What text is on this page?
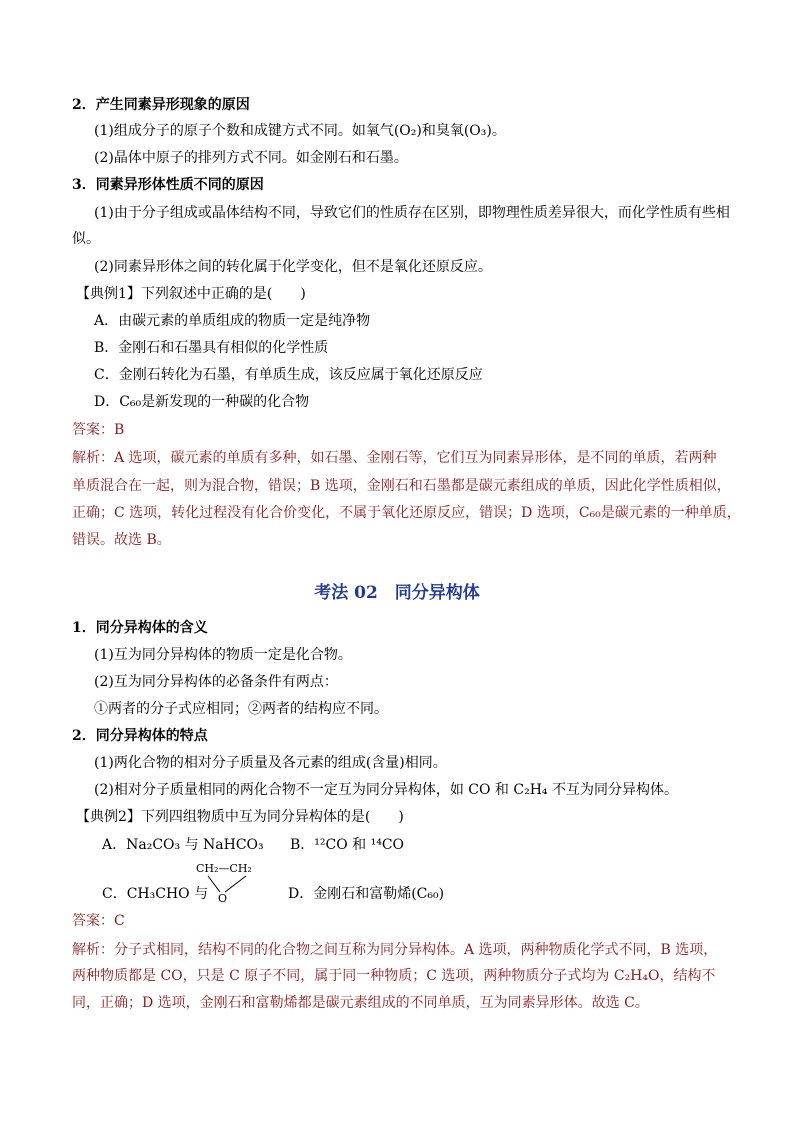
2．产生同素异形现象的原因
(1)组成分子的原子个数和成键方式不同。如氧气(O₂)和臭氧(O₃)。
(2)晶体中原子的排列方式不同。如金刚石和石墨。
3．同素异形体性质不同的原因
(1)由于分子组成或晶体结构不同，导致它们的性质存在区别，即物理性质差异很大，而化学性质有些相
似。
(2)同素异形体之间的转化属于化学变化，但不是氧化还原反应。
【典例1】下列叙述中正确的是(　　)
A．由碳元素的单质组成的物质一定是纯净物
B．金刚石和石墨具有相似的化学性质
C．金刚石转化为石墨，有单质生成，该反应属于氧化还原反应
D．C₆₀是新发现的一种碳的化合物
答案：B
解析：A 选项，碳元素的单质有多种，如石墨、金刚石等，它们互为同素异形体，是不同的单质，若两种
单质混合在一起，则为混合物，错误；B 选项，金刚石和石墨都是碳元素组成的单质，因此化学性质相似，
正确；C 选项，转化过程没有化合价变化，不属于氧化还原反应，错误；D 选项，C₆₀是碳元素的一种单质，
错误。故选 B。
考法 02　同分异构体
1．同分异构体的含义
(1)互为同分异构体的物质一定是化合物。
(2)互为同分异构体的必备条件有两点：
①两者的分子式应相同；②两者的结构应不同。
2．同分异构体的特点
(1)两化合物的相对分子质量及各元素的组成(含量)相同。
(2)相对分子质量相同的两化合物不一定互为同分异构体，如 CO 和 C₂H₄ 不互为同分异构体。
【典例2】下列四组物质中互为同分异构体的是(　　)
A．Na₂CO₃ 与 NaHCO₃ B．¹²CO 和 ¹⁴CO
C．CH₃CHO 与
CH₂—CH₂
O	D．金刚石和富勒烯(C₆₀)
答案：C
解析：分子式相同，结构不同的化合物之间互称为同分异构体。A 选项，两种物质化学式不同，B 选项，
两种物质都是 CO，只是 C 原子不同，属于同一种物质；C 选项，两种物质分子式均为 C₂H₄O，结构不
同，正确；D 选项，金刚石和富勒烯都是碳元素组成的不同单质，互为同素异形体。故选 C。
